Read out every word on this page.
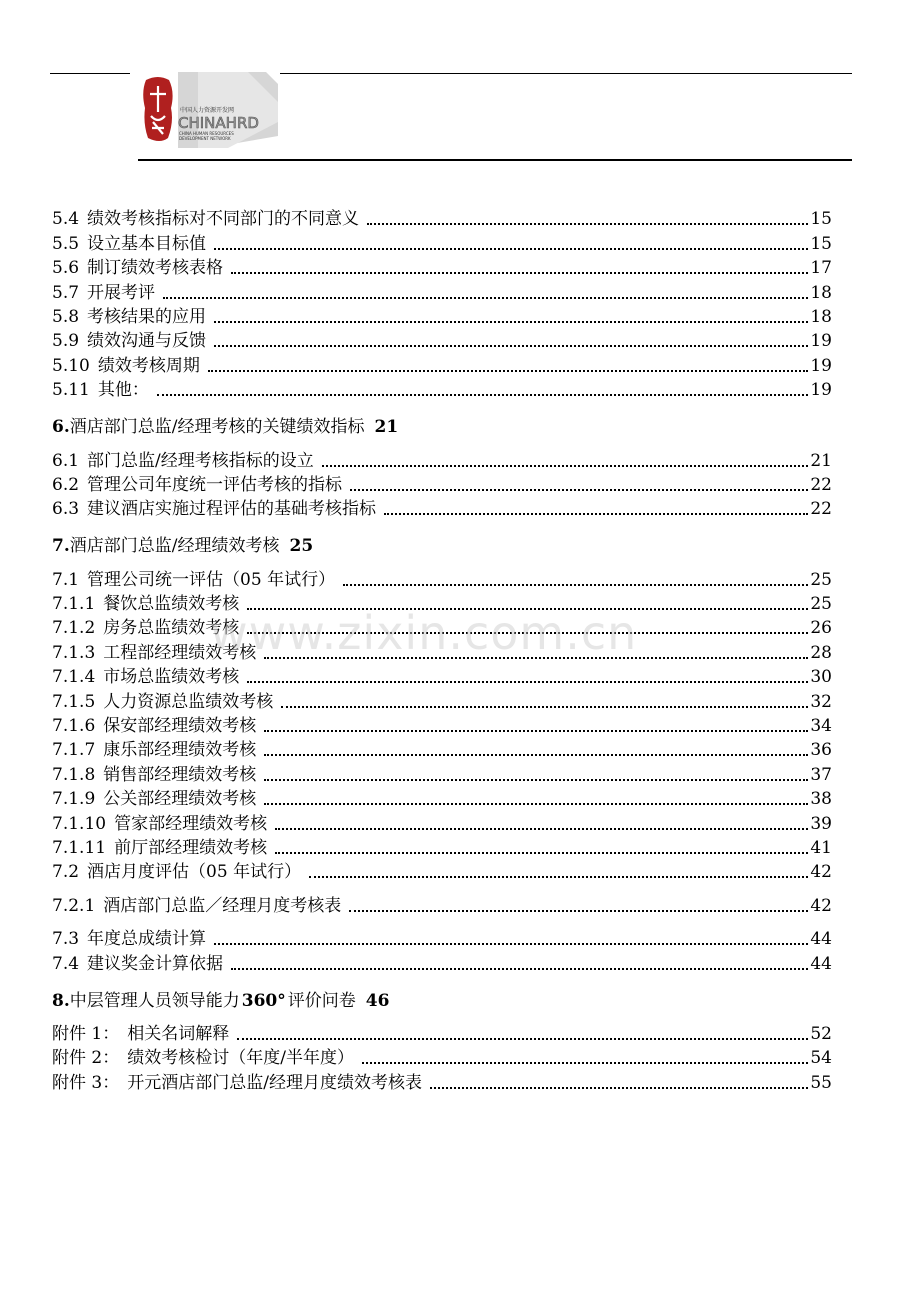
中国人力资源开发网
CHINAHRD
CHINA HUMAN RESOURCES
DEVELOPMENT NETWORK
5.4 绩效考核指标对不同部门的不同意义	15
5.5 设立基本目标值	15
5.6 制订绩效考核表格	17
5.7 开展考评	18
5.8 考核结果的应用	18
5.9 绩效沟通与反馈	19
5.10 绩效考核周期	19
5.11 其他：	19
6. 酒店部门总监/经理考核的关键绩效指标 21
6.1 部门总监/经理考核指标的设立	21
6.2 管理公司年度统一评估考核的指标	22
6.3 建议酒店实施过程评估的基础考核指标	22
7. 酒店部门总监/经理绩效考核 25
7.1 管理公司统一评估（05 年试行）	25
7.1.1 餐饮总监绩效考核	25
7.1.2 房务总监绩效考核	26
7.1.3 工程部经理绩效考核	28
7.1.4 市场总监绩效考核	30
7.1.5 人力资源总监绩效考核	32
7.1.6 保安部经理绩效考核	34
7.1.7 康乐部经理绩效考核	36
7.1.8 销售部经理绩效考核	37
7.1.9 公关部经理绩效考核	38
7.1.10 管家部经理绩效考核	39
7.1.11 前厅部经理绩效考核	41
7.2 酒店月度评估（05 年试行）	42
7.2.1 酒店部门总监／经理月度考核表	42
7.3 年度总成绩计算	44
7.4 建议奖金计算依据	44
8. 中层管理人员领导能力 360° 评价问卷 46
附件 1： 相关名词解释	52
附件 2： 绩效考核检讨（年度/半年度）	54
附件 3： 开元酒店部门总监/经理月度绩效考核表	55
www.zixin.com.cn
